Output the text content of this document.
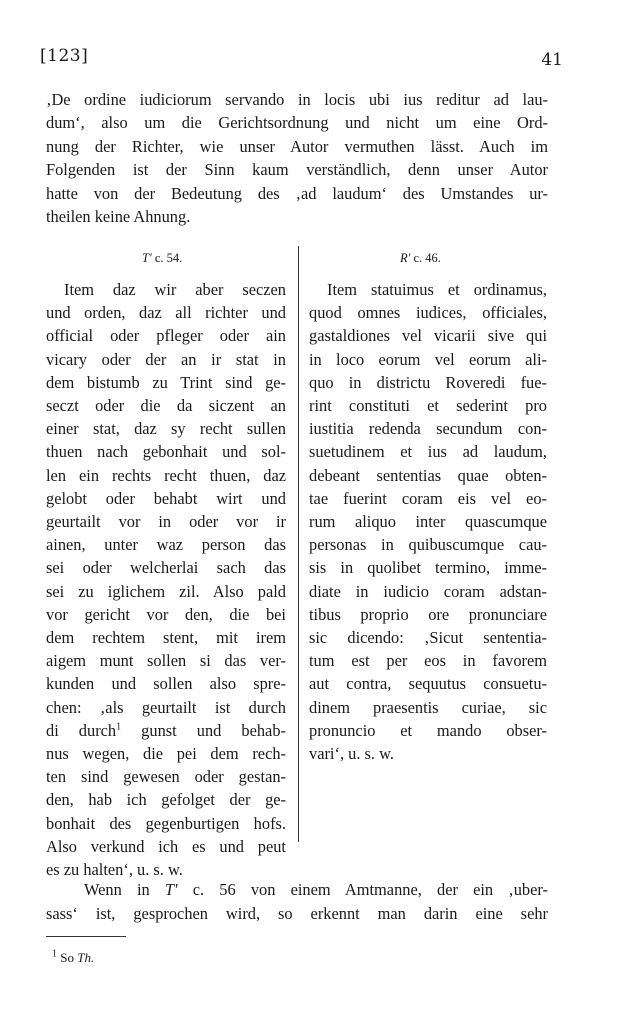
[123]	41
‚De ordine iudiciorum servando in locis ubi ius reditur ad lau-
dum‘, also um die Gerichtsordnung und nicht um eine Ord-
nung der Richter, wie unser Autor vermuthen lässt. Auch im
Folgenden ist der Sinn kaum verständlich, denn unser Autor
hatte von der Bedeutung des ‚ad laudum‘ des Umstandes ur-
theilen keine Ahnung.
T′ c. 54.	R′ c. 46.
Item daz wir aber seczen
und orden, daz all richter und
official oder pfleger oder ain
vicary oder der an ir stat in
dem bistumb zu Trint sind ge-
seczt oder die da siczent an
einer stat, daz sy recht sullen
thuen nach gebonhait und sol-
len ein rechts recht thuen, daz
gelobt oder behabt wirt und
geurtailt vor in oder vor ir
ainen, unter waz person das
sei oder welcherlai sach das
sei zu iglichem zil. Also pald
vor gericht vor den, die bei
dem rechtem stent, mit irem
aigem munt sollen si das ver-
kunden und sollen also spre-
chen: ‚als geurtailt ist durch
di durch$^1$ gunst und behab-
nus wegen, die pei dem rech-
ten sind gewesen oder gestan-
den, hab ich gefolget der ge-
bonhait des gegenburtigen hofs.
Also verkund ich es und peut
es zu halten‘, u. s. w.
Item statuimus et ordinamus,
quod omnes iudices, officiales,
gastaldiones vel vicarii sive qui
in loco eorum vel eorum ali-
quo in districtu Roveredi fue-
rint constituti et sederint pro
iustitia redenda secundum con-
suetudinem et ius ad laudum,
debeant sententias quae obten-
tae fuerint coram eis vel eo-
rum aliquo inter quascumque
personas in quibuscumque cau-
sis in quolibet termino, imme-
diate in iudicio coram adstan-
tibus proprio ore pronunciare
sic dicendo: ‚Sicut sententia-
tum est per eos in favorem
aut contra, sequutus consuetu-
dinem praesentis curiae, sic
pronuncio et mando obser-
vari‘, u. s. w.
Wenn in T′ c. 56 von einem Amtmanne, der ein ‚uber-
sass‘ ist, gesprochen wird, so erkennt man darin eine sehr
$^1$ So Th.
